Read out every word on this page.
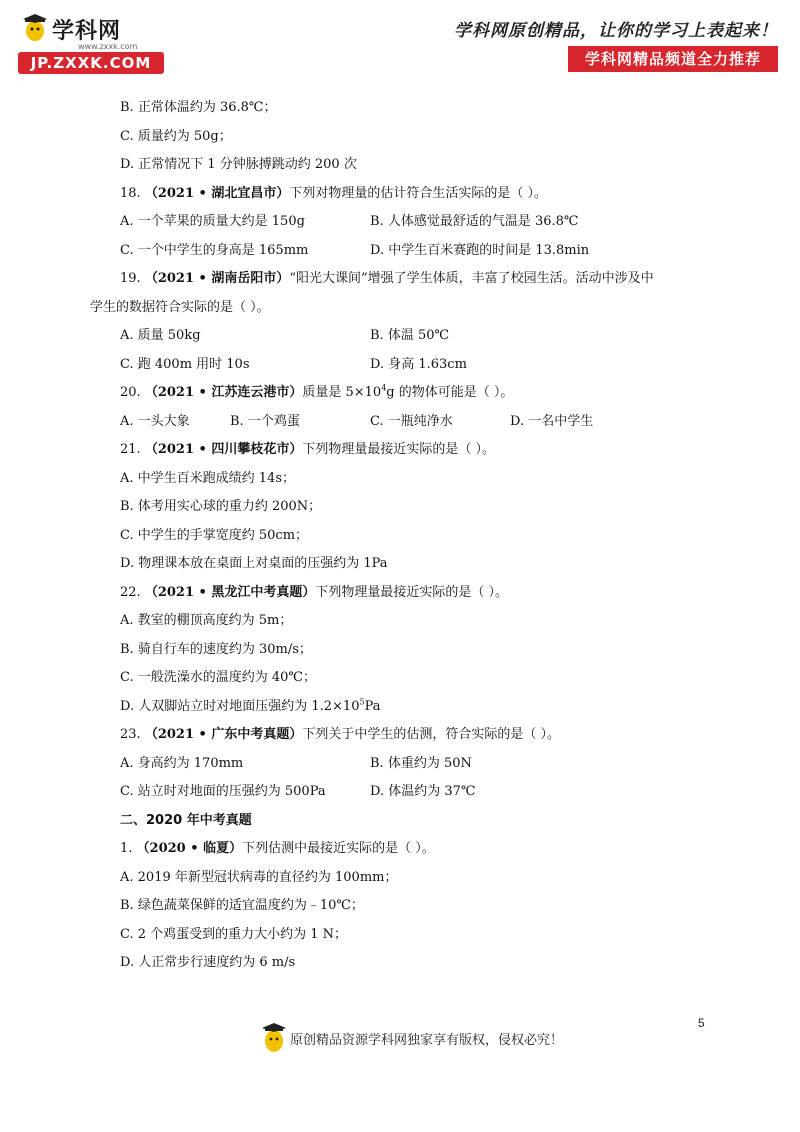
学科网
www.zxxk.com
JP.ZXXK.COM
学科网原创精品，让你的学习上表起来！
学科网精品频道全力推荐
B. 正常体温约为 36.8℃；
C. 质量约为 50g；
D. 正常情况下 1 分钟脉搏跳动约 200 次
18. （2021 • 湖北宜昌市）下列对物理量的估计符合生活实际的是（ ）。
A. 一个苹果的质量大约是 150g	B. 人体感觉最舒适的气温是 36.8℃
C. 一个中学生的身高是 165mm	D. 中学生百米赛跑的时间是 13.8min
19. （2021 • 湖南岳阳市）“阳光大课间”增强了学生体质，丰富了校园生活。活动中涉及中
学生的数据符合实际的是（ ）。
A. 质量 50kg	B. 体温 50℃
C. 跑 400m 用时 10s	D. 身高 1.63cm
20. （2021 • 江苏连云港市）质量是 $5\times 10^4g$ 的物体可能是（ ）。
A. 一头大象	B. 一个鸡蛋	C. 一瓶纯净水	D. 一名中学生
21. （2021 • 四川攀枝花市）下列物理量最接近实际的是（ ）。
A. 中学生百米跑成绩约 14s；
B. 体考用实心球的重力约 200N；
C. 中学生的手掌宽度约 50cm；
D. 物理课本放在桌面上对桌面的压强约为 1Pa
22. （2021 • 黑龙江中考真题）下列物理量最接近实际的是（ ）。
A. 教室的棚顶高度约为 5m；
B. 骑自行车的速度约为 30m/s；
C. 一般洗澡水的温度约为 40℃；
D. 人双脚站立时对地面压强约为 $1.2\times 10^5Pa$
23. （2021 • 广东中考真题）下列关于中学生的估测，符合实际的是（ ）。
A. 身高约为 170mm	B. 体重约为 50N
C. 站立时对地面的压强约为 500Pa	D. 体温约为 37℃
二、2020 年中考真题
1. （2020 • 临夏）下列估测中最接近实际的是（ ）。
A. 2019 年新型冠状病毒的直径约为 100mm；
B. 绿色蔬菜保鲜的适宜温度约为﹣10℃；
C. 2 个鸡蛋受到的重力大小约为 1 N；
D. 人正常步行速度约为 6 m/s
5
原创精品资源学科网独家享有版权，侵权必究！
